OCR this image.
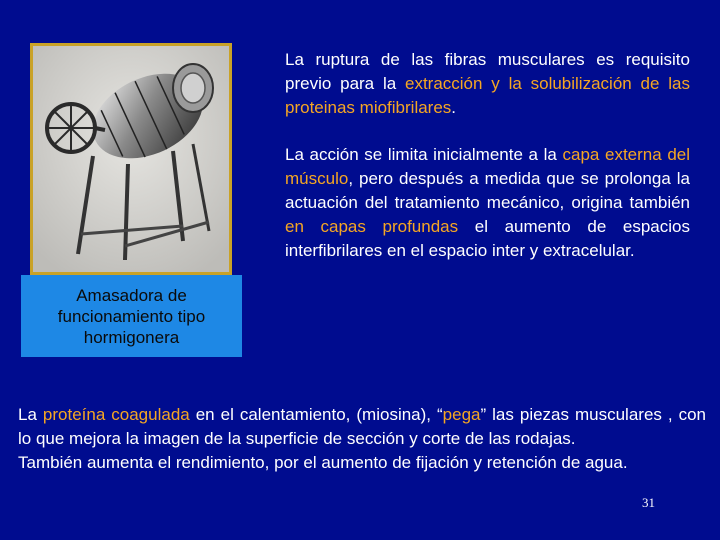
Amasadora de funcionamiento tipo hormigonera
La ruptura de las fibras musculares es requisito previo para la extracción y la solubilización de las proteinas miofibrilares.
La acción se limita inicialmente a la capa externa del músculo, pero después a medida que se prolonga la actuación del tratamiento mecánico, origina también en capas profundas el aumento de espacios interfibrilares en el espacio inter y extracelular.
La proteína coagulada en el calentamiento, (miosina), “pega” las piezas musculares , con lo que mejora la imagen de la superficie de sección y corte de las rodajas.
También aumenta el rendimiento, por el aumento de fijación y retención de agua.
31
